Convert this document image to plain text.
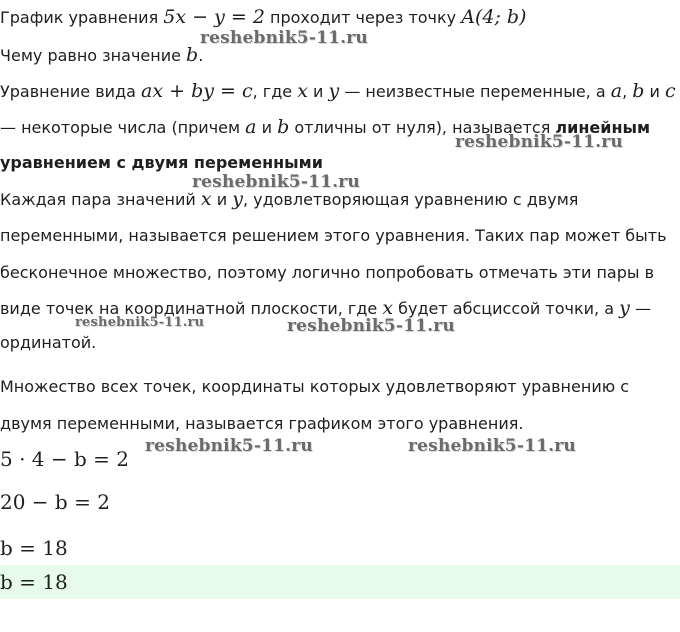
График уравнения 5x − y = 2 проходит через точку A(4; b)
Чему равно значение b.
Уравнение вида ax + by = c, где x и y — неизвестные переменные, а a, b и c
— некоторые числа (причем a и b отличны от нуля), называется линейным
уравнением с двумя переменными
Каждая пара значений x и y, удовлетворяющая уравнению с двумя
переменными, называется решением этого уравнения. Таких пар может быть
бесконечное множество, поэтому логично попробовать отмечать эти пары в
виде точек на координатной плоскости, где x будет абсциссой точки, а y —
ординатой.
Множество всех точек, координаты которых удовлетворяют уравнению с
двумя переменными, называется графиком этого уравнения.
5 · 4 − b = 2
20 − b = 2
b = 18
b = 18
reshebnik5-11.ru
reshebnik5-11.ru
reshebnik5-11.ru
reshebnik5-11.ru	reshebnik5-11.ru
reshebnik5-11.ru	reshebnik5-11.ru
